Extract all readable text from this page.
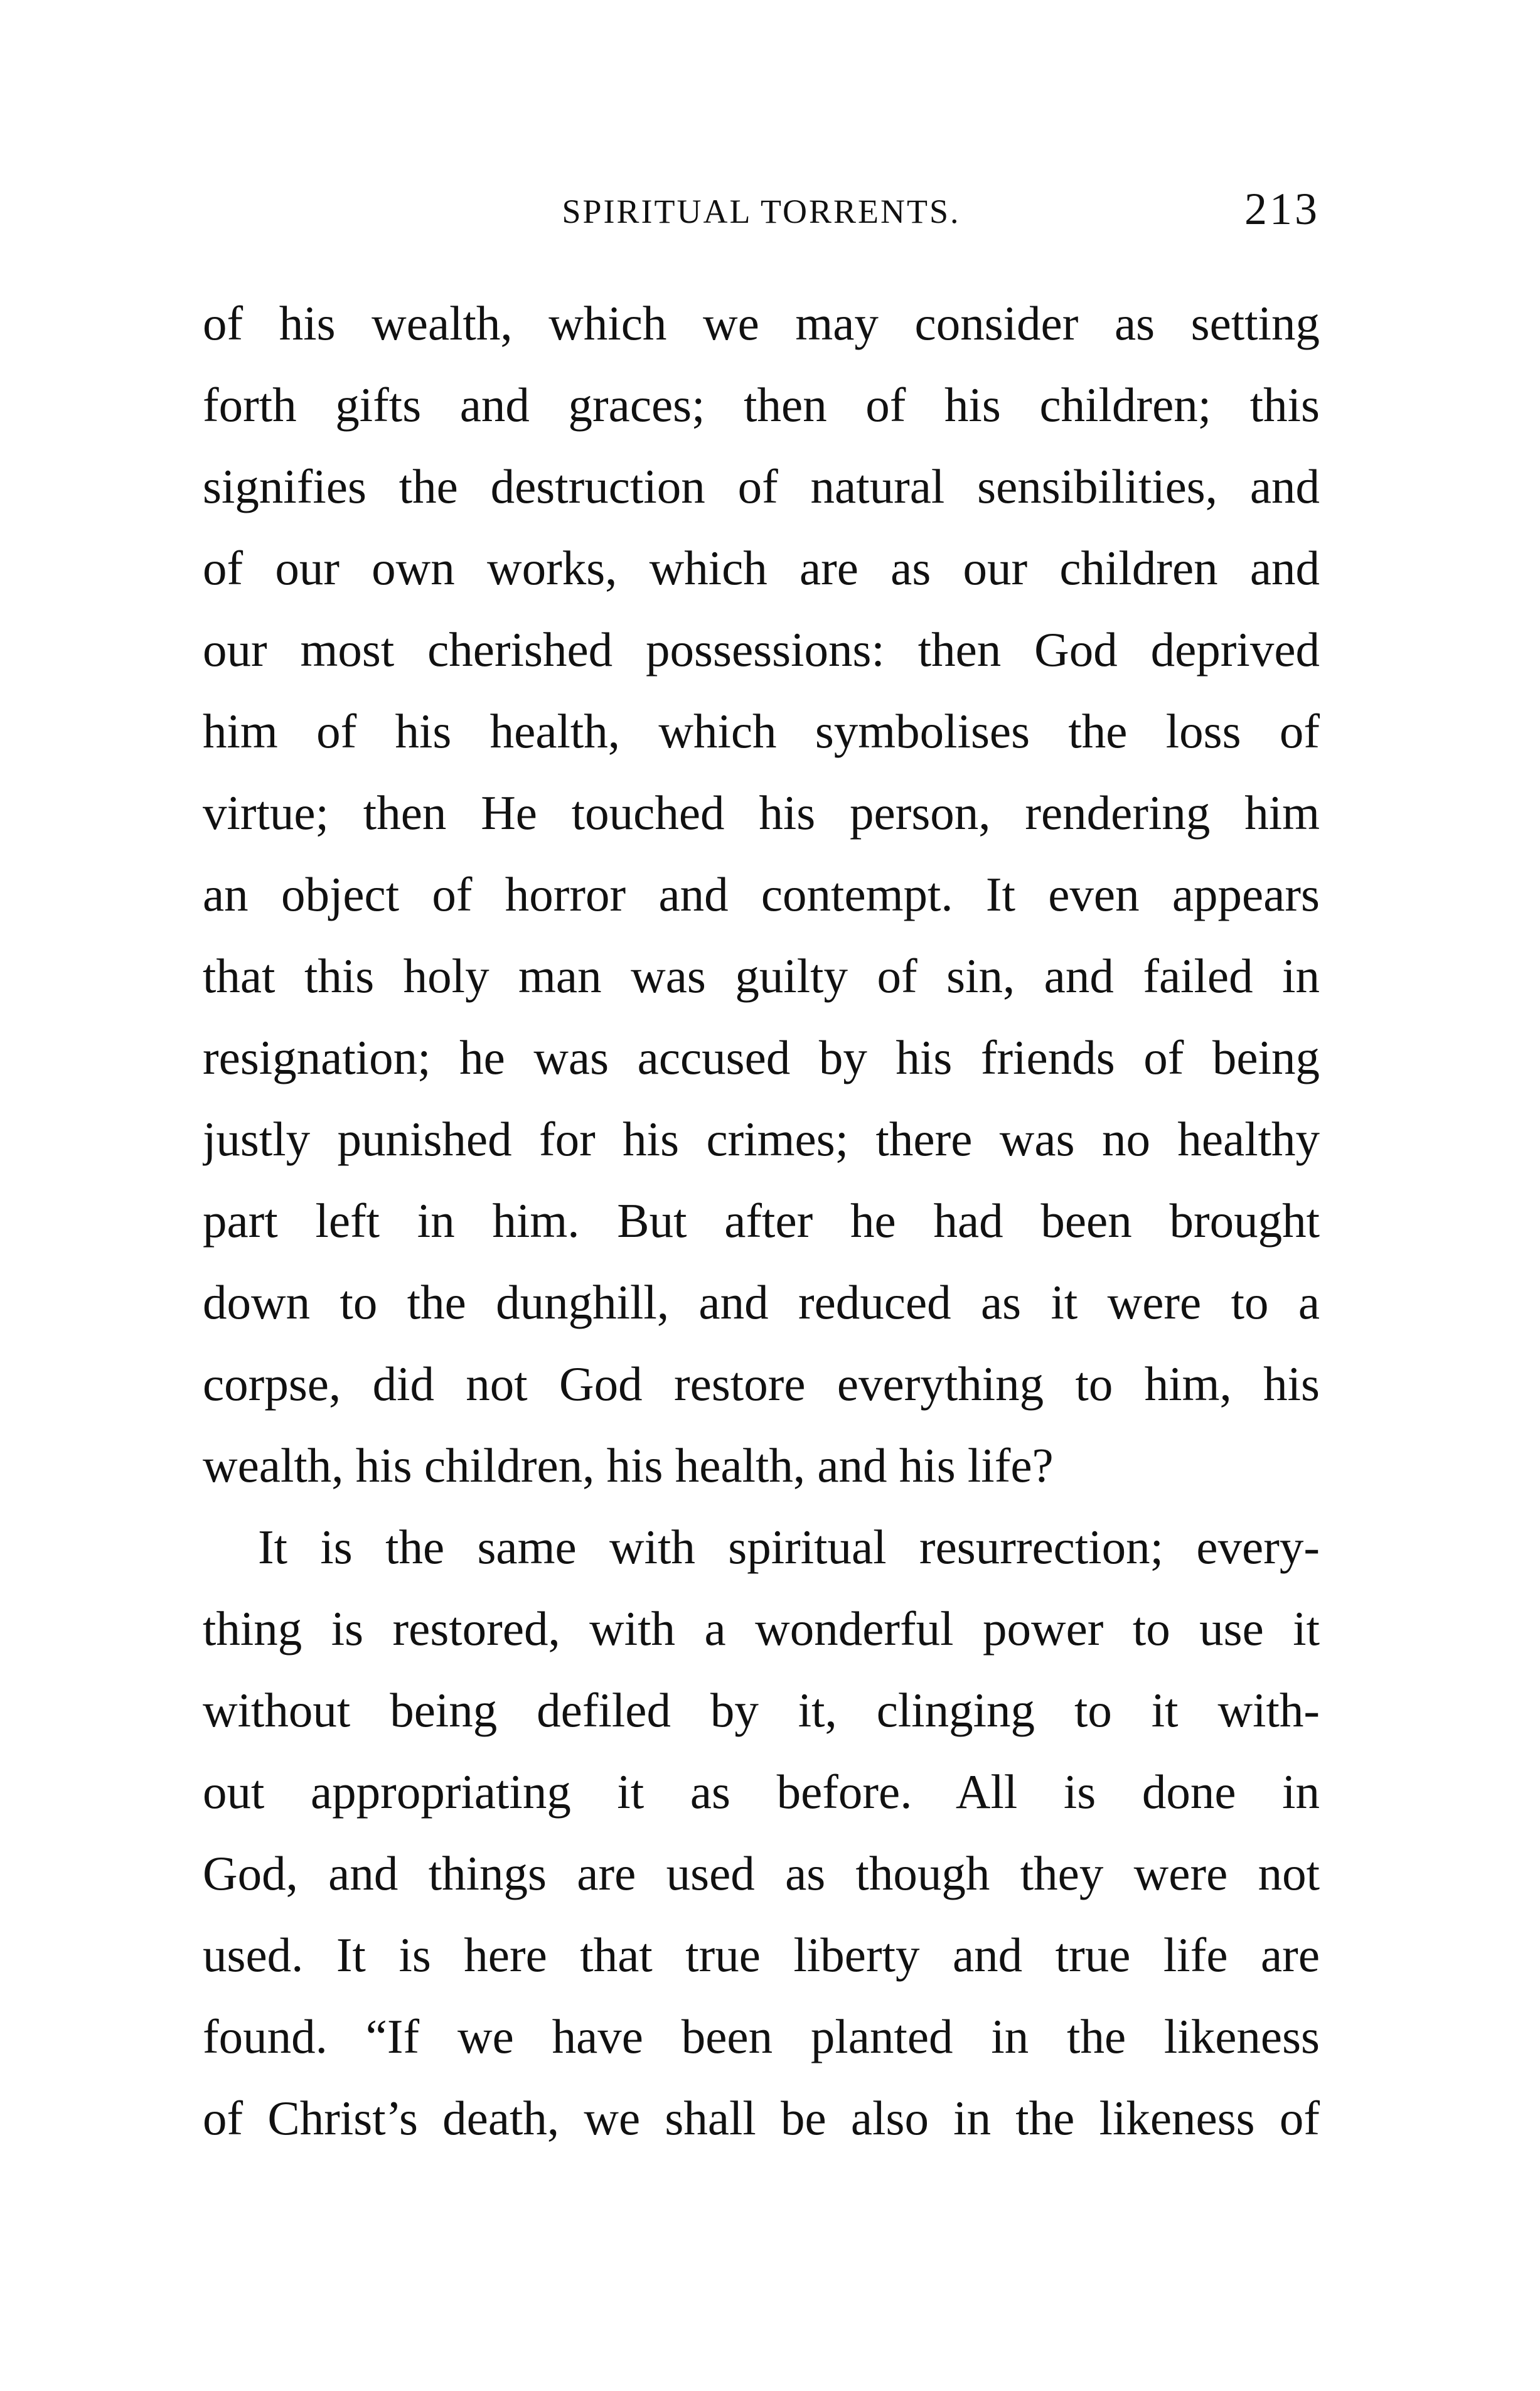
SPIRITUAL TORRENTS.	213
of his wealth, which we may consider as setting
forth gifts and graces; then of his children; this
signifies the destruction of natural sensibilities, and
of our own works, which are as our children and
our most cherished possessions: then God deprived
him of his health, which symbolises the loss of
virtue; then He touched his person, rendering him
an object of horror and contempt. It even appears
that this holy man was guilty of sin, and failed in
resignation; he was accused by his friends of being
justly punished for his crimes; there was no healthy
part left in him. But after he had been brought
down to the dunghill, and reduced as it were to a
corpse, did not God restore everything to him, his
wealth, his children, his health, and his life?
It is the same with spiritual resurrection; every-
thing is restored, with a wonderful power to use it
without being defiled by it, clinging to it with-
out appropriating it as before. All is done in
God, and things are used as though they were not
used. It is here that true liberty and true life are
found. “If we have been planted in the likeness
of Christ’s death, we shall be also in the likeness of
